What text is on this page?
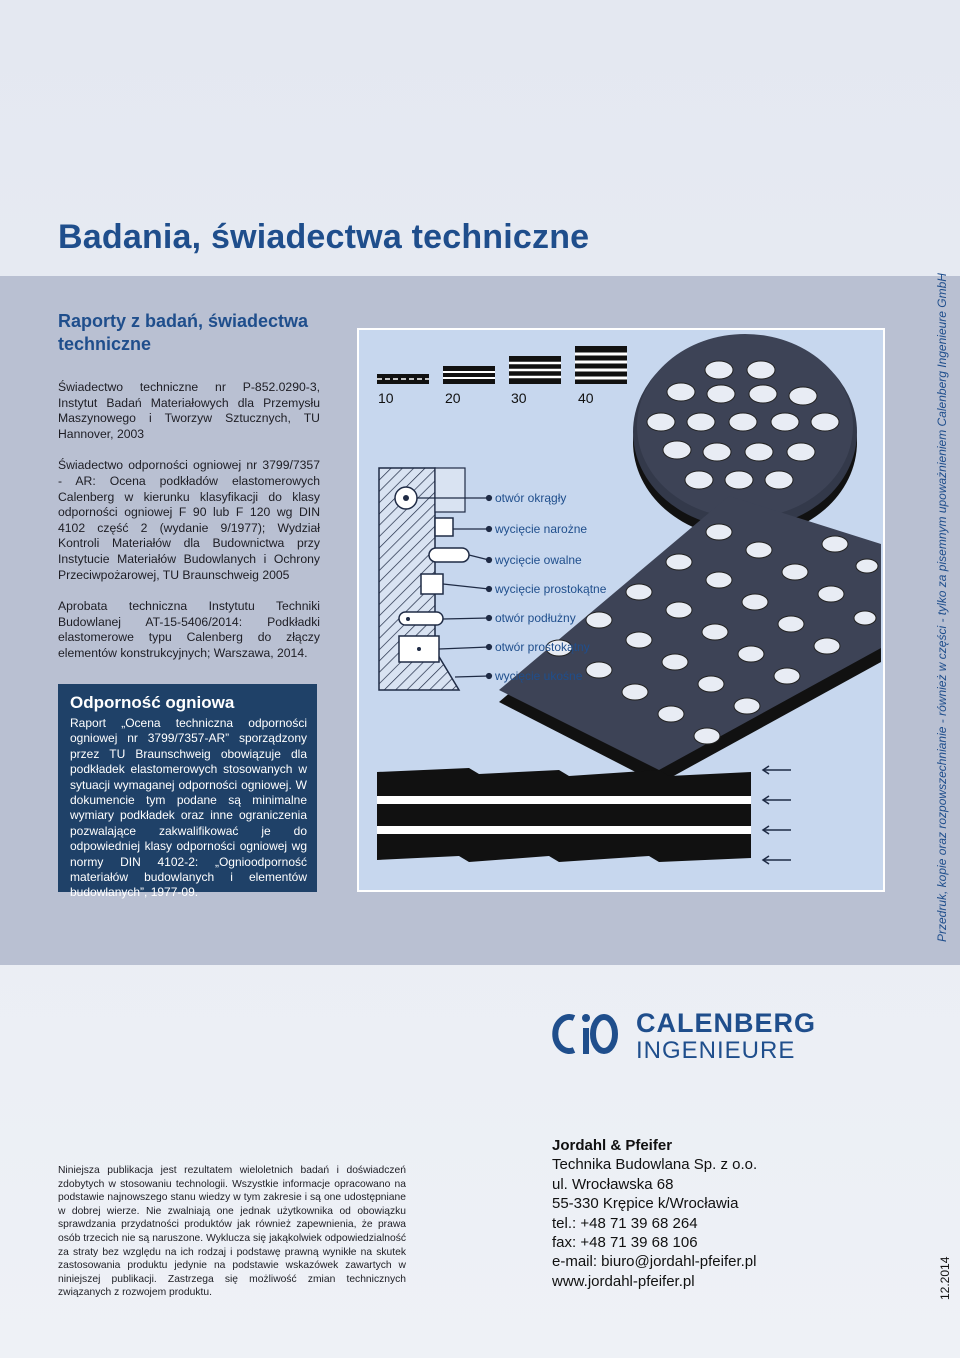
Badania, świadectwa techniczne
Raporty z badań, świadectwa techniczne

Świadectwo techniczne nr P-852.0290-3, Instytut Badań Materiałowych dla Przemysłu Maszynowego i Tworzyw Sztucznych, TU Hannover, 2003

Świadectwo odporności ogniowej nr 3799/7357 - AR: Ocena podkładów elastomerowych Calenberg w kierunku klasyfikacji do klasy odporności ogniowej F 90 lub F 120 wg DIN 4102 część 2 (wydanie 9/1977); Wydział Kontroli Materiałów dla Budownictwa przy Instytucie Materiałów Budowlanych i Ochrony Przeciwpożarowej, TU Braunschweig 2005

Aprobata techniczna Instytutu Techniki Budowlanej AT-15-5406/2014: Podkładki elastomerowe typu Calenberg do złączy elementów konstrukcyjnych; Warszawa, 2014.

Odporność ogniowa

Raport „Ocena techniczna odporności ogniowej nr 3799/7357-AR” sporządzony przez TU Braunschweig obowiązuje dla podkładek elastomerowych stosowanych w sytuacji wymaganej odporności ogniowej. W dokumencie tym podane są minimalne wymiary podkładek oraz inne ograniczenia pozwalające zakwalifikować je do odpowiedniej klasy odporności ogniowej wg normy DIN 4102-2: „Ognioodporność materiałów budowlanych i elementów budowlanych”, 1977-09.

10	20	30	40
otwór okrągły
wycięcie narożne
wycięcie owalne
wycięcie prostokątne
otwór podłużny
otwór prostokątny
wycięcie ukośne	Przedruk, kopie oraz rozpowszechnianie - również w części - tylko za pisemnym upoważnieniem Calenberg Ingenieure GmbH
CALENBERG
INGENIEURE

Niniejsza publikacja jest rezultatem wieloletnich badań i doświadczeń zdobytych w stosowaniu technologii. Wszystkie informacje opracowano na podstawie najnowszego stanu wiedzy w tym zakresie i są one udostępniane w dobrej wierze. Nie zwalniają one jednak użytkownika od obowiązku sprawdzania przydatności produktów jak również zapewnienia, że prawa osób trzecich nie są naruszone. Wyklucza się jakąkolwiek odpowiedzialność za straty bez względu na ich rodzaj i podstawę prawną wynikłe na skutek zastosowania produktu jedynie na podstawie wskazówek zawartych w niniejszej publikacji. Zastrzega się możliwość zmian technicznych związanych z rozwojem produktu.

Jordahl & Pfeifer
Technika Budowlana Sp. z o.o.
ul. Wrocławska 68
55-330 Krępice k/Wrocławia
tel.: +48 71 39 68 264
fax: +48 71 39 68 106
e-mail: biuro@jordahl-pfeifer.pl
www.jordahl-pfeifer.pl	12.2014
